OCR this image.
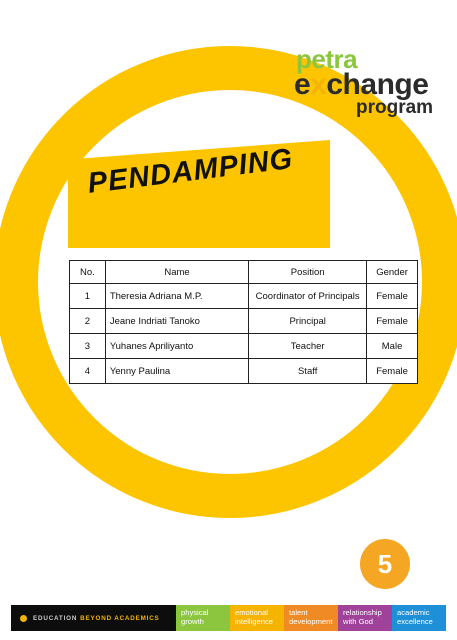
petra
exchange
program
PENDAMPING
No.	Name	Position	Gender
1	Theresia Adriana M.P.	Coordinator of Principals	Female
2	Jeane Indriati Tanoko	Principal	Female
3	Yuhanes Apriliyanto	Teacher	Male
4	Yenny Paulina	Staff	Female
5
EDUCATION BEYOND ACADEMICS
physical growth
emotional intelligence
talent development
relationship with God
academic excellence
